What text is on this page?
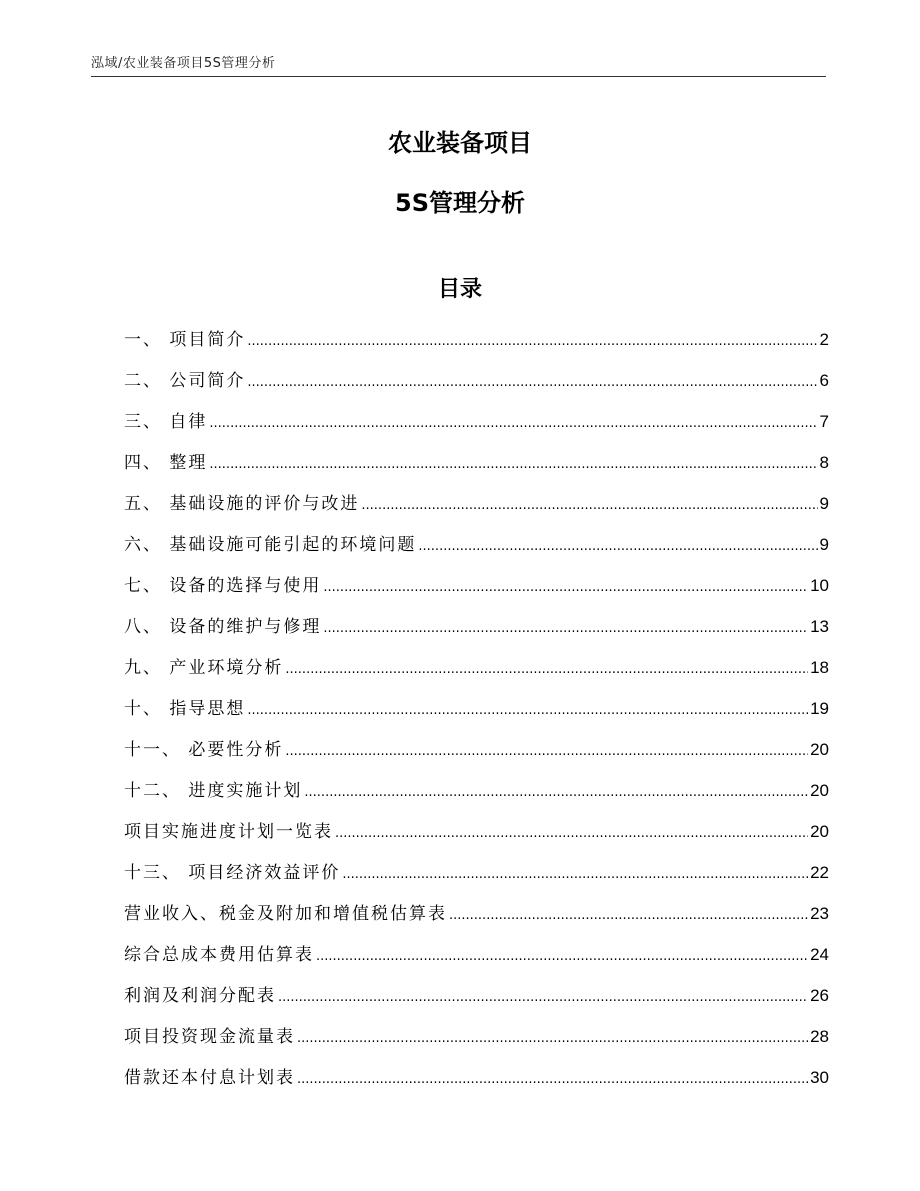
泓域/农业装备项目5S管理分析
农业装备项目
5S管理分析
目录
一、 项目简介 .....	2
二、 公司简介 .....	6
三、 自律 .....	7
四、 整理 .....	8
五、 基础设施的评价与改进 .....	9
六、 基础设施可能引起的环境问题 .....	9
七、 设备的选择与使用 .....	10
八、 设备的维护与修理 .....	13
九、 产业环境分析 .....	18
十、 指导思想 .....	19
十一、 必要性分析 .....	20
十二、 进度实施计划 .....	20
项目实施进度计划一览表 .....	20
十三、 项目经济效益评价 .....	22
营业收入、税金及附加和增值税估算表 .....	23
综合总成本费用估算表 .....	24
利润及利润分配表 .....	26
项目投资现金流量表 .....	28
借款还本付息计划表 .....	30
